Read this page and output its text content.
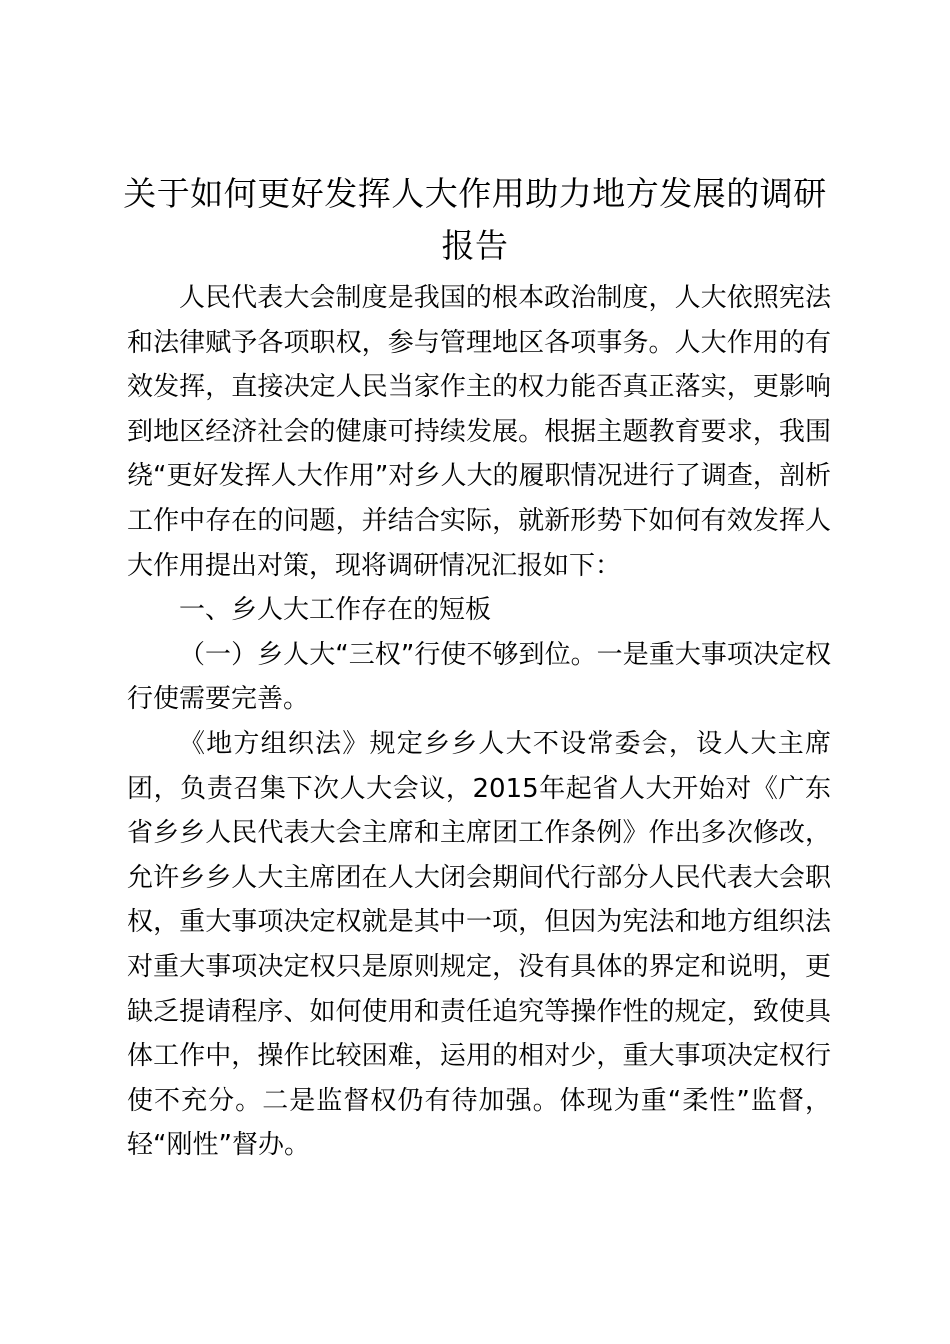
关于如何更好发挥人大作用助力地方发展的调研报告

人民代表大会制度是我国的根本政治制度，人大依照宪法和法律赋予各项职权，参与管理地区各项事务。人大作用的有效发挥，直接决定人民当家作主的权力能否真正落实，更影响到地区经济社会的健康可持续发展。根据主题教育要求，我围绕“更好发挥人大作用”对乡人大的履职情况进行了调查，剖析工作中存在的问题，并结合实际，就新形势下如何有效发挥人大作用提出对策，现将调研情况汇报如下：

一、乡人大工作存在的短板

（一）乡人大“三权”行使不够到位。一是重大事项决定权行使需要完善。

《地方组织法》规定乡乡人大不设常委会，设人大主席团，负责召集下次人大会议，2015年起省人大开始对《广东省乡乡人民代表大会主席和主席团工作条例》作出多次修改，允许乡乡人大主席团在人大闭会期间代行部分人民代表大会职权，重大事项决定权就是其中一项，但因为宪法和地方组织法对重大事项决定权只是原则规定，没有具体的界定和说明，更缺乏提请程序、如何使用和责任追究等操作性的规定，致使具体工作中，操作比较困难，运用的相对少，重大事项决定权行使不充分。二是监督权仍有待加强。体现为重“柔性”监督，轻“刚性”督办。
